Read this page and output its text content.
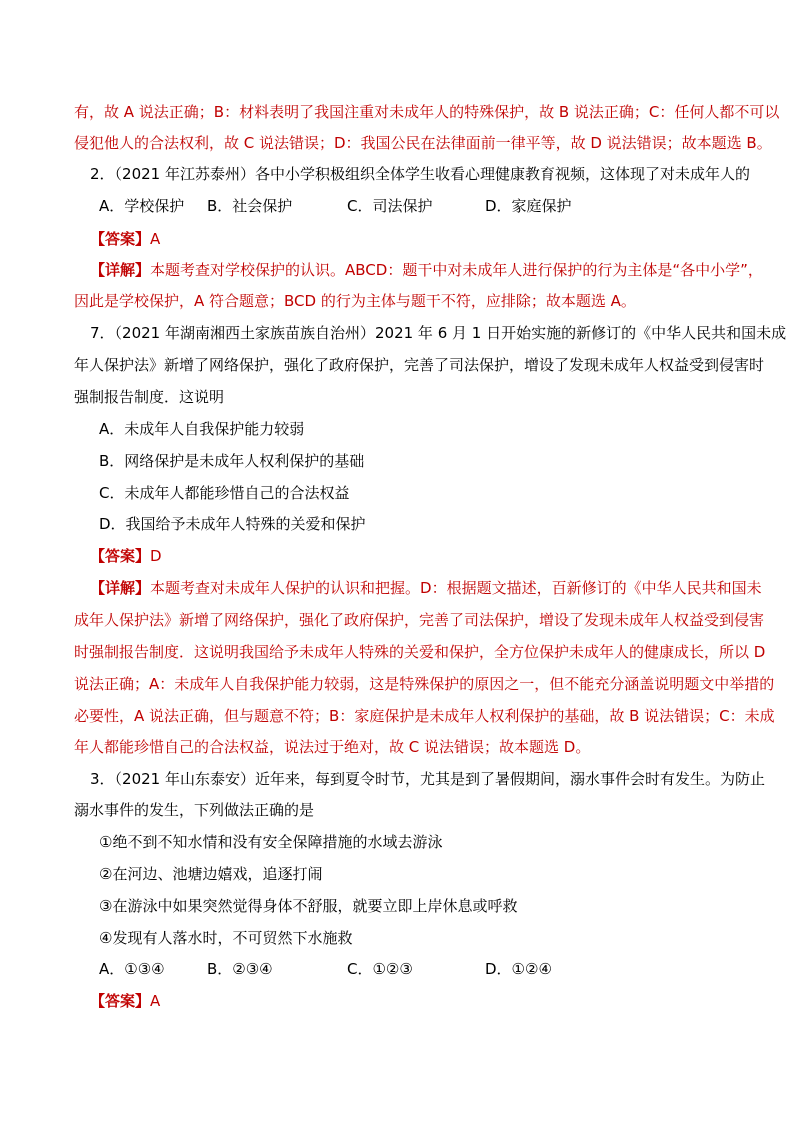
有，故 A 说法正确；B：材料表明了我国注重对未成年人的特殊保护，故 B 说法正确；C：任何人都不可以
侵犯他人的合法权利，故 C 说法错误；D：我国公民在法律面前一律平等，故 D 说法错误；故本题选 B。
2．（2021 年江苏泰州）各中小学积极组织全体学生收看心理健康教育视频，这体现了对未成年人的
A．学校保护 B．社会保护	C．司法保护	D．家庭保护
【答案】A
【详解】本题考查对学校保护的认识。ABCD：题干中对未成年人进行保护的行为主体是“各中小学”，
因此是学校保护，A 符合题意；BCD 的行为主体与题干不符，应排除；故本题选 A。
7．（2021 年湖南湘西土家族苗族自治州）2021 年 6 月 1 日开始实施的新修订的《中华人民共和国未成
年人保护法》新增了网络保护，强化了政府保护，完善了司法保护，增设了发现未成年人权益受到侵害时
强制报告制度．这说明
A．未成年人自我保护能力较弱
B．网络保护是未成年人权利保护的基础
C．未成年人都能珍惜自己的合法权益
D．我国给予未成年人特殊的关爱和保护
【答案】D
【详解】本题考查对未成年人保护的认识和把握。D：根据题文描述，百新修订的《中华人民共和国未
成年人保护法》新增了网络保护，强化了政府保护，完善了司法保护，增设了发现未成年人权益受到侵害
时强制报告制度．这说明我国给予未成年人特殊的关爱和保护，全方位保护未成年人的健康成长，所以 D
说法正确；A：未成年人自我保护能力较弱，这是特殊保护的原因之一，但不能充分涵盖说明题文中举措的
必要性，A 说法正确，但与题意不符；B：家庭保护是未成年人权利保护的基础，故 B 说法错误；C：未成
年人都能珍惜自己的合法权益，说法过于绝对，故 C 说法错误；故本题选 D。
3．（2021 年山东泰安）近年来，每到夏令时节，尤其是到了暑假期间，溺水事件会时有发生。为防止
溺水事件的发生，下列做法正确的是
①绝不到不知水情和没有安全保障措施的水域去游泳
②在河边、池塘边嬉戏，追逐打闹
③在游泳中如果突然觉得身体不舒服，就要立即上岸休息或呼救
④发现有人落水时，不可贸然下水施救
A．①③④	B．②③④	C．①②③	D．①②④
【答案】A
